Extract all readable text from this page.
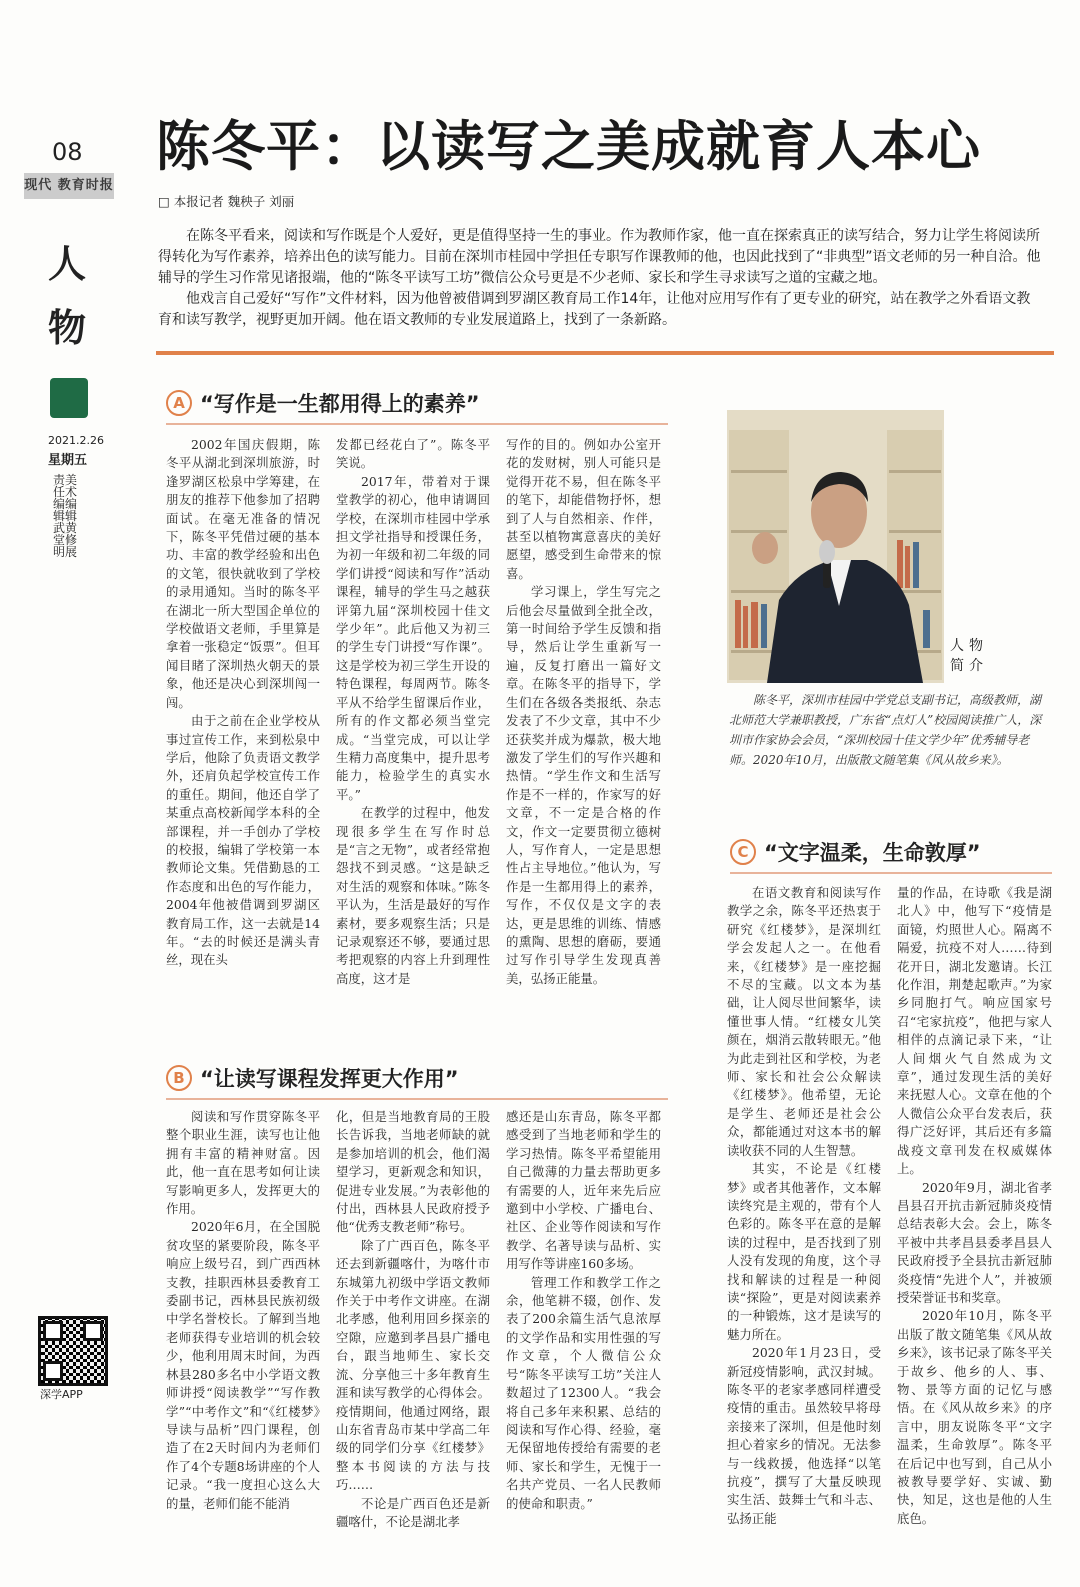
08
现代 教育时报
人物
2021.2.26
星期五
责任编辑 武堂明
美术编辑 黄修展
深学APP
陈冬平：以读写之美成就育人本心
□ 本报记者 魏秧子 刘丽

在陈冬平看来，阅读和写作既是个人爱好，更是值得坚持一生的事业。作为教师作家，他一直在探索真正的读写结合，努力让学生将阅读所得转化为写作素养，培养出色的读写能力。目前在深圳市桂园中学担任专职写作课教师的他，也因此找到了“非典型”语文老师的另一种自洽。他辅导的学生习作常见诸报端，他的“陈冬平读写工坊”微信公众号更是不少老师、家长和学生寻求读写之道的宝藏之地。

他戏言自己爱好“写作”文件材料，因为他曾被借调到罗湖区教育局工作14年，让他对应用写作有了更专业的研究，站在教学之外看语文教育和读写教学，视野更加开阔。他在语文教师的专业发展道路上，找到了一条新路。

A “写作是一生都用得上的素养”

2002年国庆假期，陈冬平从湖北到深圳旅游，时逢罗湖区松泉中学筹建，在朋友的推荐下他参加了招聘面试。在毫无准备的情况下，陈冬平凭借过硬的基本功、丰富的教学经验和出色的文笔，很快就收到了学校的录用通知。当时的陈冬平在湖北一所大型国企单位的学校做语文老师，手里算是拿着一张稳定“饭票”。但耳闻目睹了深圳热火朝天的景象，他还是决心到深圳闯一闯。

由于之前在企业学校从事过宣传工作，来到松泉中学后，他除了负责语文教学外，还肩负起学校宣传工作的重任。期间，他还自学了某重点高校新闻学本科的全部课程，并一手创办了学校的校报，编辑了学校第一本教师论文集。凭借勤恳的工作态度和出色的写作能力，2004年他被借调到罗湖区教育局工作，这一去就是14年。“去的时候还是满头青丝，现在头

发都已经花白了”。陈冬平笑说。

2017年，带着对于课堂教学的初心，他申请调回学校，在深圳市桂园中学承担文学社指导和授课任务，为初一年级和初二年级的同学们讲授“阅读和写作”活动课程，辅导的学生马之越获评第九届“深圳校园十佳文学少年”。此后他又为初三的学生专门讲授“写作课”。这是学校为初三学生开设的特色课程，每周两节。陈冬平从不给学生留课后作业，所有的作文都必须当堂完成。“当堂完成，可以让学生精力高度集中，提升思考能力，检验学生的真实水平。”

在教学的过程中，他发现很多学生在写作时总是“言之无物”，或者经常抱怨找不到灵感。“这是缺乏对生活的观察和体味。”陈冬平认为，生活是最好的写作素材，要多观察生活；只是记录观察还不够，要通过思考把观察的内容上升到理性高度，这才是

写作的目的。例如办公室开花的发财树，别人可能只是觉得开花不易，但在陈冬平的笔下，却能借物抒怀，想到了人与自然相亲、作伴，甚至以植物寓意喜庆的美好愿望，感受到生命带来的惊喜。

学习课上，学生写完之后他会尽量做到全批全改，第一时间给予学生反馈和指导，然后让学生重新写一遍，反复打磨出一篇好文章。在陈冬平的指导下，学生们在各级各类报纸、杂志发表了不少文章，其中不少还获奖并成为爆款，极大地激发了学生们的写作兴趣和热情。“学生作文和生活写作是不一样的，作家写的好文章，不一定是合格的作文，作文一定要贯彻立德树人，写作育人，一定是思想性占主导地位。”他认为，写作是一生都用得上的素养，写作，不仅仅是文字的表达，更是思维的训练、情感的熏陶、思想的磨砺，要通过写作引导学生发现真善美，弘扬正能量。

人物简介
陈冬平，深圳市桂园中学党总支副书记，高级教师，湖北师范大学兼职教授，广东省“点灯人”校园阅读推广人，深圳市作家协会会员，“深圳校园十佳文学少年”优秀辅导老师。2020年10月，出版散文随笔集《风从故乡来》。
B “让读写课程发挥更大作用”

阅读和写作贯穿陈冬平整个职业生涯，读写也让他拥有丰富的精神财富。因此，他一直在思考如何让读写影响更多人，发挥更大的作用。

2020年6月，在全国脱贫攻坚的紧要阶段，陈冬平响应上级号召，到广西西林支教，挂职西林县委教育工委副书记，西林县民族初级中学名誉校长。了解到当地老师获得专业培训的机会较少，他利用周末时间，为西林县280多名中小学语文教师讲授“阅读教学”“写作教学”“中考作文”和“《红楼梦》导读与品析”四门课程，创造了在2天时间内为老师们作了4个专题8场讲座的个人记录。“我一度担心这么大的量，老师们能不能消

化，但是当地教育局的王股长告诉我，当地老师缺的就是参加培训的机会，他们渴望学习，更新观念和知识，促进专业发展。”为表彰他的付出，西林县人民政府授予他“优秀支教老师”称号。

除了广西百色，陈冬平还去到新疆喀什，为喀什市东城第九初级中学语文教师作关于中考作文讲座。在湖北孝感，他利用回乡探亲的空隙，应邀到孝昌县广播电台，跟当地师生、家长交流、分享他三十多年教育生涯和读写教学的心得体会。疫情期间，他通过网络，跟山东省青岛市某中学高二年级的同学们分享《红楼梦》整本书阅读的方法与技巧……

不论是广西百色还是新疆喀什，不论是湖北孝

感还是山东青岛，陈冬平都感受到了当地老师和学生的学习热情。陈冬平希望能用自己微薄的力量去帮助更多有需要的人，近年来先后应邀到中小学校、广播电台、社区、企业等作阅读和写作教学、名著导读与品析、实用写作等讲座160多场。

管理工作和教学工作之余，他笔耕不辍，创作、发表了200余篇生活气息浓厚的文学作品和实用性强的写作文章，个人微信公众号“陈冬平读写工坊”关注人数超过了12300人。“我会将自己多年来积累、总结的阅读和写作心得、经验，毫无保留地传授给有需要的老师、家长和学生，无愧于一名共产党员、一名人民教师的使命和职责。”

C “文字温柔，生命敦厚”

在语文教育和阅读写作教学之余，陈冬平还热衷于研究《红楼梦》，是深圳红学会发起人之一。在他看来，《红楼梦》是一座挖掘不尽的宝藏。以文本为基础，让人阅尽世间繁华，读懂世事人情。“红楼女儿笑颜在，烟消云散转眼无。”他为此走到社区和学校，为老师、家长和社会公众解读《红楼梦》。他希望，无论是学生、老师还是社会公众，都能通过对这本书的解读收获不同的人生智慧。

其实，不论是《红楼梦》或者其他著作，文本解读终究是主观的，带有个人色彩的。陈冬平在意的是解读的过程中，是否找到了别人没有发现的角度，这个寻找和解读的过程是一种阅读“探险”，更是对阅读素养的一种锻炼，这才是读写的魅力所在。

2020年1月23日，受新冠疫情影响，武汉封城。陈冬平的老家孝感同样遭受疫情的重击。虽然较早将母亲接来了深圳，但是他时刻担心着家乡的情况。无法参与一线救援，他选择“以笔抗疫”，撰写了大量反映现实生活、鼓舞士气和斗志、弘扬正能

量的作品，在诗歌《我是湖北人》中，他写下“疫情是面镜，灼照世人心。隔离不隔爱，抗疫不对人……待到花开日，湖北发邀请。长江化作泪，荆楚起歌声。”为家乡同胞打气。响应国家号召“宅家抗疫”，他把与家人相伴的点滴记录下来，“让人间烟火气自然成为文章”，通过发现生活的美好来抚慰人心。文章在他的个人微信公众平台发表后，获得广泛好评，其后还有多篇战疫文章刊发在权威媒体上。

2020年9月，湖北省孝昌县召开抗击新冠肺炎疫情总结表彰大会。会上，陈冬平被中共孝昌县委孝昌县人民政府授予全县抗击新冠肺炎疫情“先进个人”，并被颁授荣誉证书和奖章。

2020年10月，陈冬平出版了散文随笔集《风从故乡来》，该书记录了陈冬平关于故乡、他乡的人、事、物、景等方面的记忆与感悟。在《风从故乡来》的序言中，朋友说陈冬平“文字温柔，生命敦厚”。陈冬平在后记中也写到，自己从小被教导要学好、实诚、勤快，知足，这也是他的人生底色。
